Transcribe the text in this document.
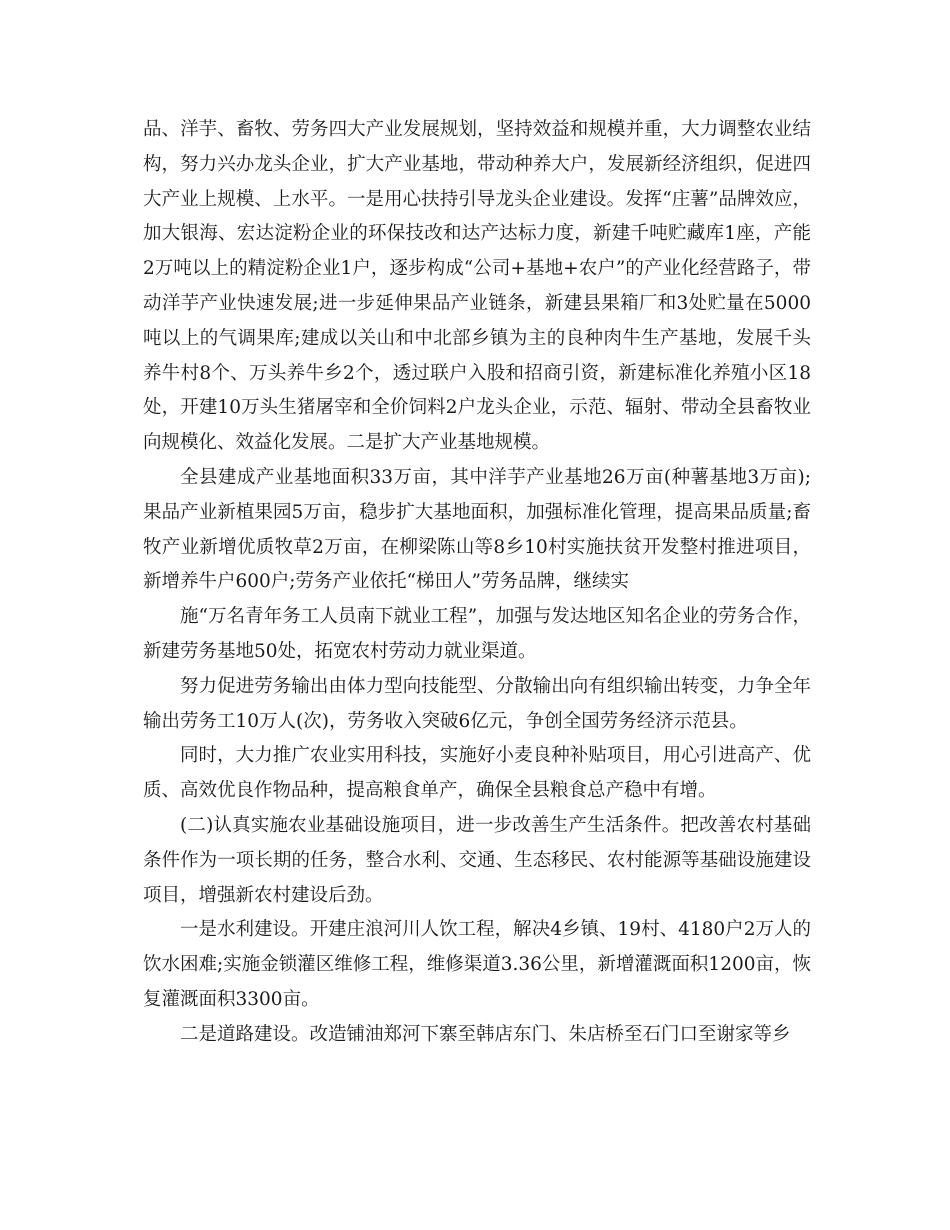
品、洋芋、畜牧、劳务四大产业发展规划，坚持效益和规模并重，大力调整农业结构，努力兴办龙头企业，扩大产业基地，带动种养大户，发展新经济组织，促进四大产业上规模、上水平。一是用心扶持引导龙头企业建设。发挥“庄薯”品牌效应，加大银海、宏达淀粉企业的环保技改和达产达标力度，新建千吨贮藏库1座，产能2万吨以上的精淀粉企业1户，逐步构成“公司+基地+农户”的产业化经营路子，带动洋芋产业快速发展;进一步延伸果品产业链条，新建县果箱厂和3处贮量在5000吨以上的气调果库;建成以关山和中北部乡镇为主的良种肉牛生产基地，发展千头养牛村8个、万头养牛乡2个，透过联户入股和招商引资，新建标准化养殖小区18处，开建10万头生猪屠宰和全价饲料2户龙头企业，示范、辐射、带动全县畜牧业向规模化、效益化发展。二是扩大产业基地规模。

全县建成产业基地面积33万亩，其中洋芋产业基地26万亩(种薯基地3万亩);果品产业新植果园5万亩，稳步扩大基地面积，加强标准化管理，提高果品质量;畜牧产业新增优质牧草2万亩，在柳梁陈山等8乡10村实施扶贫开发整村推进项目，新增养牛户600户;劳务产业依托“梯田人”劳务品牌，继续实

施“万名青年务工人员南下就业工程”，加强与发达地区知名企业的劳务合作，新建劳务基地50处，拓宽农村劳动力就业渠道。

努力促进劳务输出由体力型向技能型、分散输出向有组织输出转变，力争全年输出劳务工10万人(次)，劳务收入突破6亿元，争创全国劳务经济示范县。

同时，大力推广农业实用科技，实施好小麦良种补贴项目，用心引进高产、优质、高效优良作物品种，提高粮食单产，确保全县粮食总产稳中有增。

(二)认真实施农业基础设施项目，进一步改善生产生活条件。把改善农村基础条件作为一项长期的任务，整合水利、交通、生态移民、农村能源等基础设施建设项目，增强新农村建设后劲。

一是水利建设。开建庄浪河川人饮工程，解决4乡镇、19村、4180户2万人的饮水困难;实施金锁灌区维修工程，维修渠道3.36公里，新增灌溉面积1200亩，恢复灌溉面积3300亩。

二是道路建设。改造铺油郑河下寨至韩店东门、朱店桥至石门口至谢家等乡
